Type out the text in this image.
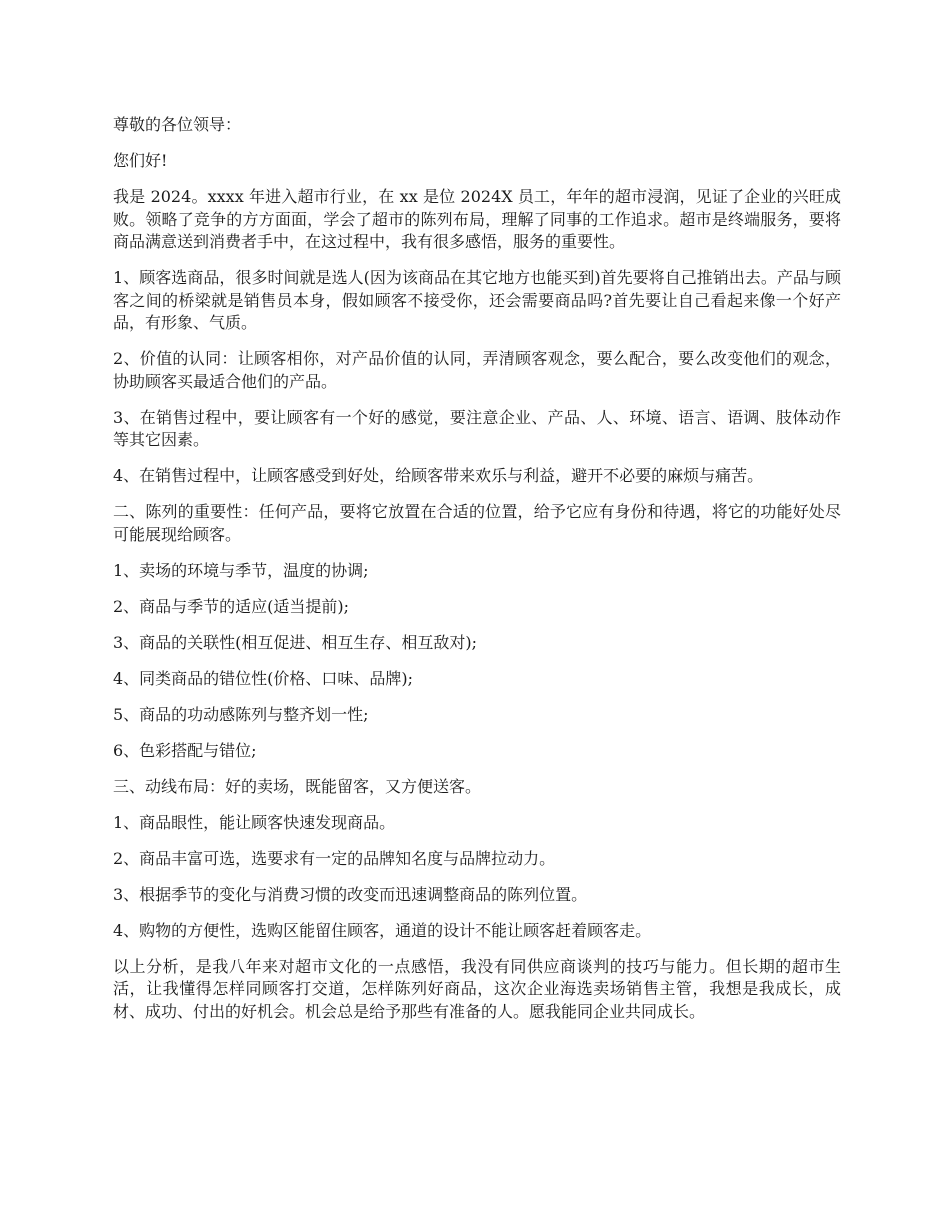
尊敬的各位领导：

您们好!

我是 2024。xxxx 年进入超市行业，在 xx 是位 2024X 员工，年年的超市浸润，见证了企业的兴旺成败。领略了竞争的方方面面，学会了超市的陈列布局，理解了同事的工作追求。超市是终端服务，要将商品满意送到消费者手中，在这过程中，我有很多感悟，服务的重要性。

1、顾客选商品，很多时间就是选人(因为该商品在其它地方也能买到)首先要将自己推销出去。产品与顾客之间的桥梁就是销售员本身，假如顾客不接受你，还会需要商品吗?首先要让自己看起来像一个好产品，有形象、气质。

2、价值的认同：让顾客相你，对产品价值的认同，弄清顾客观念，要么配合，要么改变他们的观念，协助顾客买最适合他们的产品。

3、在销售过程中，要让顾客有一个好的感觉，要注意企业、产品、人、环境、语言、语调、肢体动作等其它因素。

4、在销售过程中，让顾客感受到好处，给顾客带来欢乐与利益，避开不必要的麻烦与痛苦。

二、陈列的重要性：任何产品，要将它放置在合适的位置，给予它应有身份和待遇，将它的功能好处尽可能展现给顾客。

1、卖场的环境与季节，温度的协调;

2、商品与季节的适应(适当提前);

3、商品的关联性(相互促进、相互生存、相互敌对);

4、同类商品的错位性(价格、口味、品牌);

5、商品的功动感陈列与整齐划一性;

6、色彩搭配与错位;

三、动线布局：好的卖场，既能留客，又方便送客。

1、商品眼性，能让顾客快速发现商品。

2、商品丰富可选，选要求有一定的品牌知名度与品牌拉动力。

3、根据季节的变化与消费习惯的改变而迅速调整商品的陈列位置。

4、购物的方便性，选购区能留住顾客，通道的设计不能让顾客赶着顾客走。

以上分析，是我八年来对超市文化的一点感悟，我没有同供应商谈判的技巧与能力。但长期的超市生活，让我懂得怎样同顾客打交道，怎样陈列好商品，这次企业海选卖场销售主管，我想是我成长，成材、成功、付出的好机会。机会总是给予那些有准备的人。愿我能同企业共同成长。
